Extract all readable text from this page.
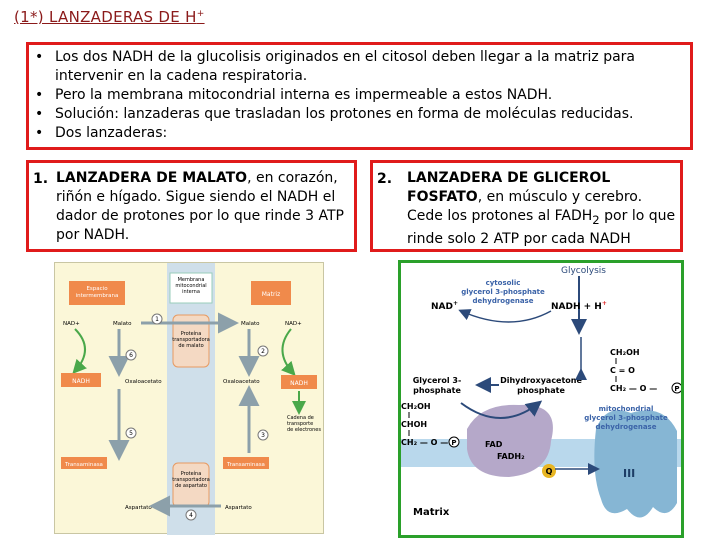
(1*) LANZADERAS DE H+
• Los dos NADH de la glucolisis originados en el citosol deben llegar a la matriz para intervenir en la cadena respiratoria.
• Pero la membrana mitocondrial interna es impermeable a estos NADH.
• Solución: lanzaderas que trasladan los protones en forma de moléculas reducidas.
• Dos lanzaderas:
1. LANZADERA DE MALATO, en corazón, riñón e hígado. Sigue siendo el NADH el dador de protones por lo que rinde 3 ATP por NADH.
2.	LANZADERA DE GLICEROL FOSFATO, en músculo y cerebro. Cede los protones al $FADH_2$ por lo que rinde solo 2 ATP por cada NADH
Espacio intermembrana
Membrana mitocondrial interna	Matriz
NAD+	Malato
NADH	Oxaloacetato
Transaminasa
Aspartato
Malato	NAD+
Oxaloacetato	NADH
Cadena de transporte de electrones
Transaminasa
Aspartato
Proteína transportadora de malato
Proteína transportadora de aspartato
1
2
3
4
5
6
III
Q
Glycolysis
NAD+	NADH + H+
cytosolic glycerol 3-phosphate dehydrogenase
CH₂OH
C = O
CH₂ — O — P
Glycerol 3-phosphate
Dihydroxyacetone phosphate
CH₂OH
CHOH
CH₂ — O — P	FAD
FADH₂
mitochondrial glycerol 3-phosphate dehydrogenase
Matrix
